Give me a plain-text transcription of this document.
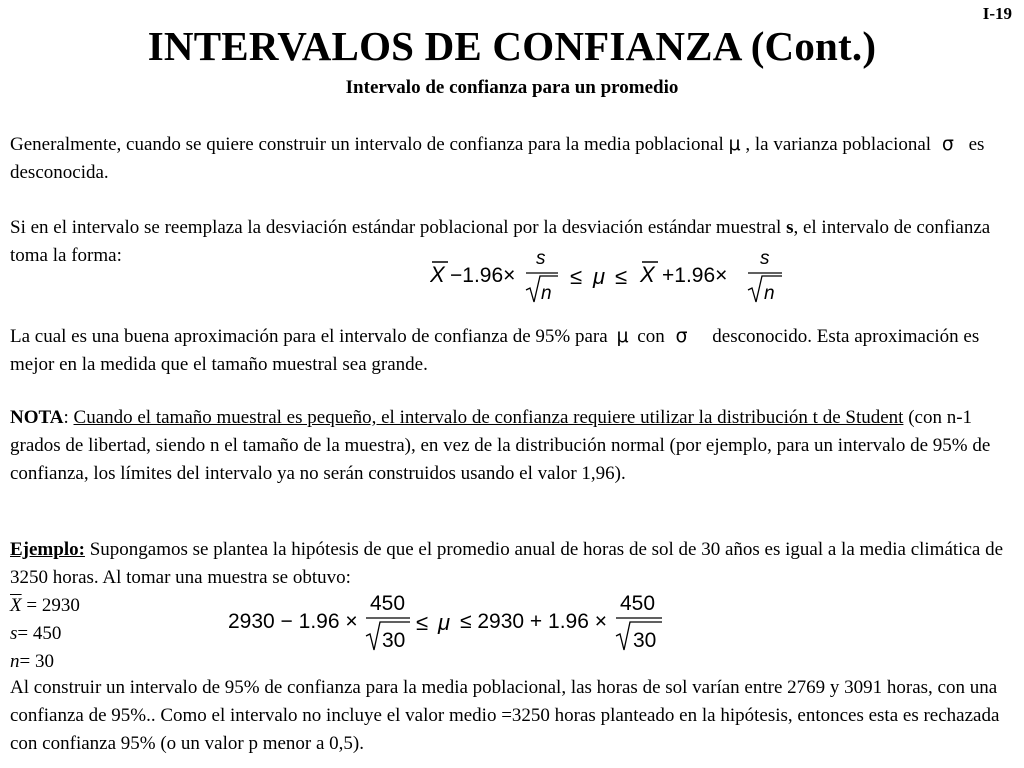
I-19
INTERVALOS DE CONFIANZA (Cont.)
Intervalo de confianza para un promedio
Generalmente, cuando se quiere construir un intervalo de confianza para la media poblacional μ , la varianza poblacional σ es desconocida.
Si en el intervalo se reemplaza la desviación estándar poblacional por la desviación estándar muestral s, el intervalo de confianza toma la forma:
X −1.96×
s
n
≤ μ ≤ X +1.96×
s
n
La cual es una buena aproximación para el intervalo de confianza de 95% para μ con σ desconocido. Esta aproximación es mejor en la medida que el tamaño muestral sea grande.
NOTA: Cuando el tamaño muestral es pequeño, el intervalo de confianza requiere utilizar la distribución t de Student (con n-1 grados de libertad, siendo n el tamaño de la muestra), en vez de la distribución normal (por ejemplo, para un intervalo de 95% de confianza, los límites del intervalo ya no serán construidos usando el valor 1,96).
Ejemplo: Supongamos se plantea la hipótesis de que el promedio anual de horas de sol de 30 años es igual a la media climática de 3250 horas. Al tomar una muestra se obtuvo:
$\overline{X} = 2930$
s= 450
n= 30
2930 − 1.96 ×
450
30
≤ μ ≤ 2930 + 1.96 ×
450
30
Al construir un intervalo de 95% de confianza para la media poblacional, las horas de sol varían entre 2769 y 3091 horas, con una confianza de 95%.. Como el intervalo no incluye el valor medio =3250 horas planteado en la hipótesis, entonces esta es rechazada con confianza 95% (o un valor p menor a 0,5).
